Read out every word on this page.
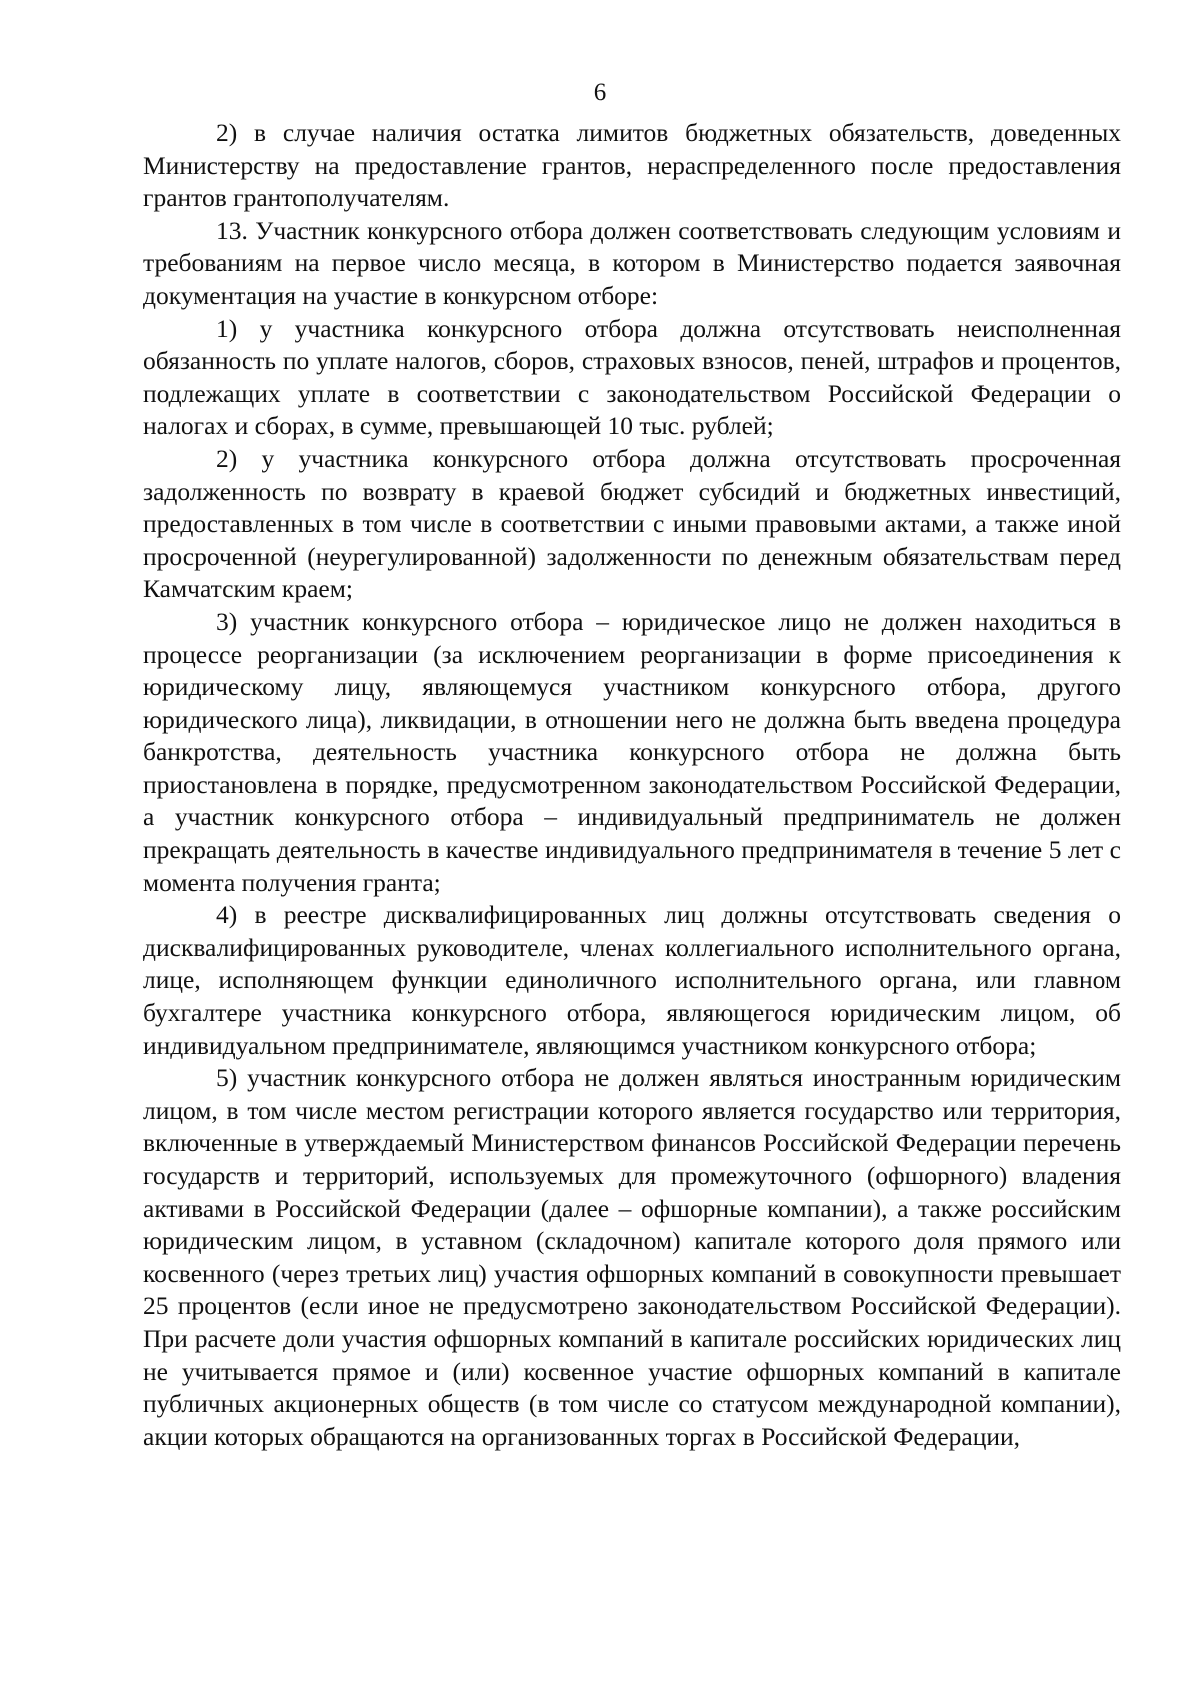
6

2) в случае наличия остатка лимитов бюджетных обязательств, доведенных Министерству на предоставление грантов, нераспределенного после предоставления грантов грантополучателям.

13. Участник конкурсного отбора должен соответствовать следующим условиям и требованиям на первое число месяца, в котором в Министерство подается заявочная документация на участие в конкурсном отборе:

1) у участника конкурсного отбора должна отсутствовать неисполненная обязанность по уплате налогов, сборов, страховых взносов, пеней, штрафов и процентов, подлежащих уплате в соответствии с законодательством Российской Федерации о налогах и сборах, в сумме, превышающей 10 тыс. рублей;

2) у участника конкурсного отбора должна отсутствовать просроченная задолженность по возврату в краевой бюджет субсидий и бюджетных инвестиций, предоставленных в том числе в соответствии с иными правовыми актами, а также иной просроченной (неурегулированной) задолженности по денежным обязательствам перед Камчатским краем;

3) участник конкурсного отбора – юридическое лицо не должен находиться в процессе реорганизации (за исключением реорганизации в форме присоединения к юридическому лицу, являющемуся участником конкурсного отбора, другого юридического лица), ликвидации, в отношении него не должна быть введена процедура банкротства, деятельность участника конкурсного отбора не должна быть приостановлена в порядке, предусмотренном законодательством Российской Федерации, а участник конкурсного отбора – индивидуальный предприниматель не должен прекращать деятельность в качестве индивидуального предпринимателя в течение 5 лет с момента получения гранта;

4) в реестре дисквалифицированных лиц должны отсутствовать сведения о дисквалифицированных руководителе, членах коллегиального исполнительного органа, лице, исполняющем функции единоличного исполнительного органа, или главном бухгалтере участника конкурсного отбора, являющегося юридическим лицом, об индивидуальном предпринимателе, являющимся участником конкурсного отбора;

5) участник конкурсного отбора не должен являться иностранным юридическим лицом, в том числе местом регистрации которого является государство или территория, включенные в утверждаемый Министерством финансов Российской Федерации перечень государств и территорий, используемых для промежуточного (офшорного) владения активами в Российской Федерации (далее – офшорные компании), а также российским юридическим лицом, в уставном (складочном) капитале которого доля прямого или косвенного (через третьих лиц) участия офшорных компаний в совокупности превышает 25 процентов (если иное не предусмотрено законодательством Российской Федерации). При расчете доли участия офшорных компаний в капитале российских юридических лиц не учитывается прямое и (или) косвенное участие офшорных компаний в капитале публичных акционерных обществ (в том числе со статусом международной компании), акции которых обращаются на организованных торгах в Российской Федерации,
